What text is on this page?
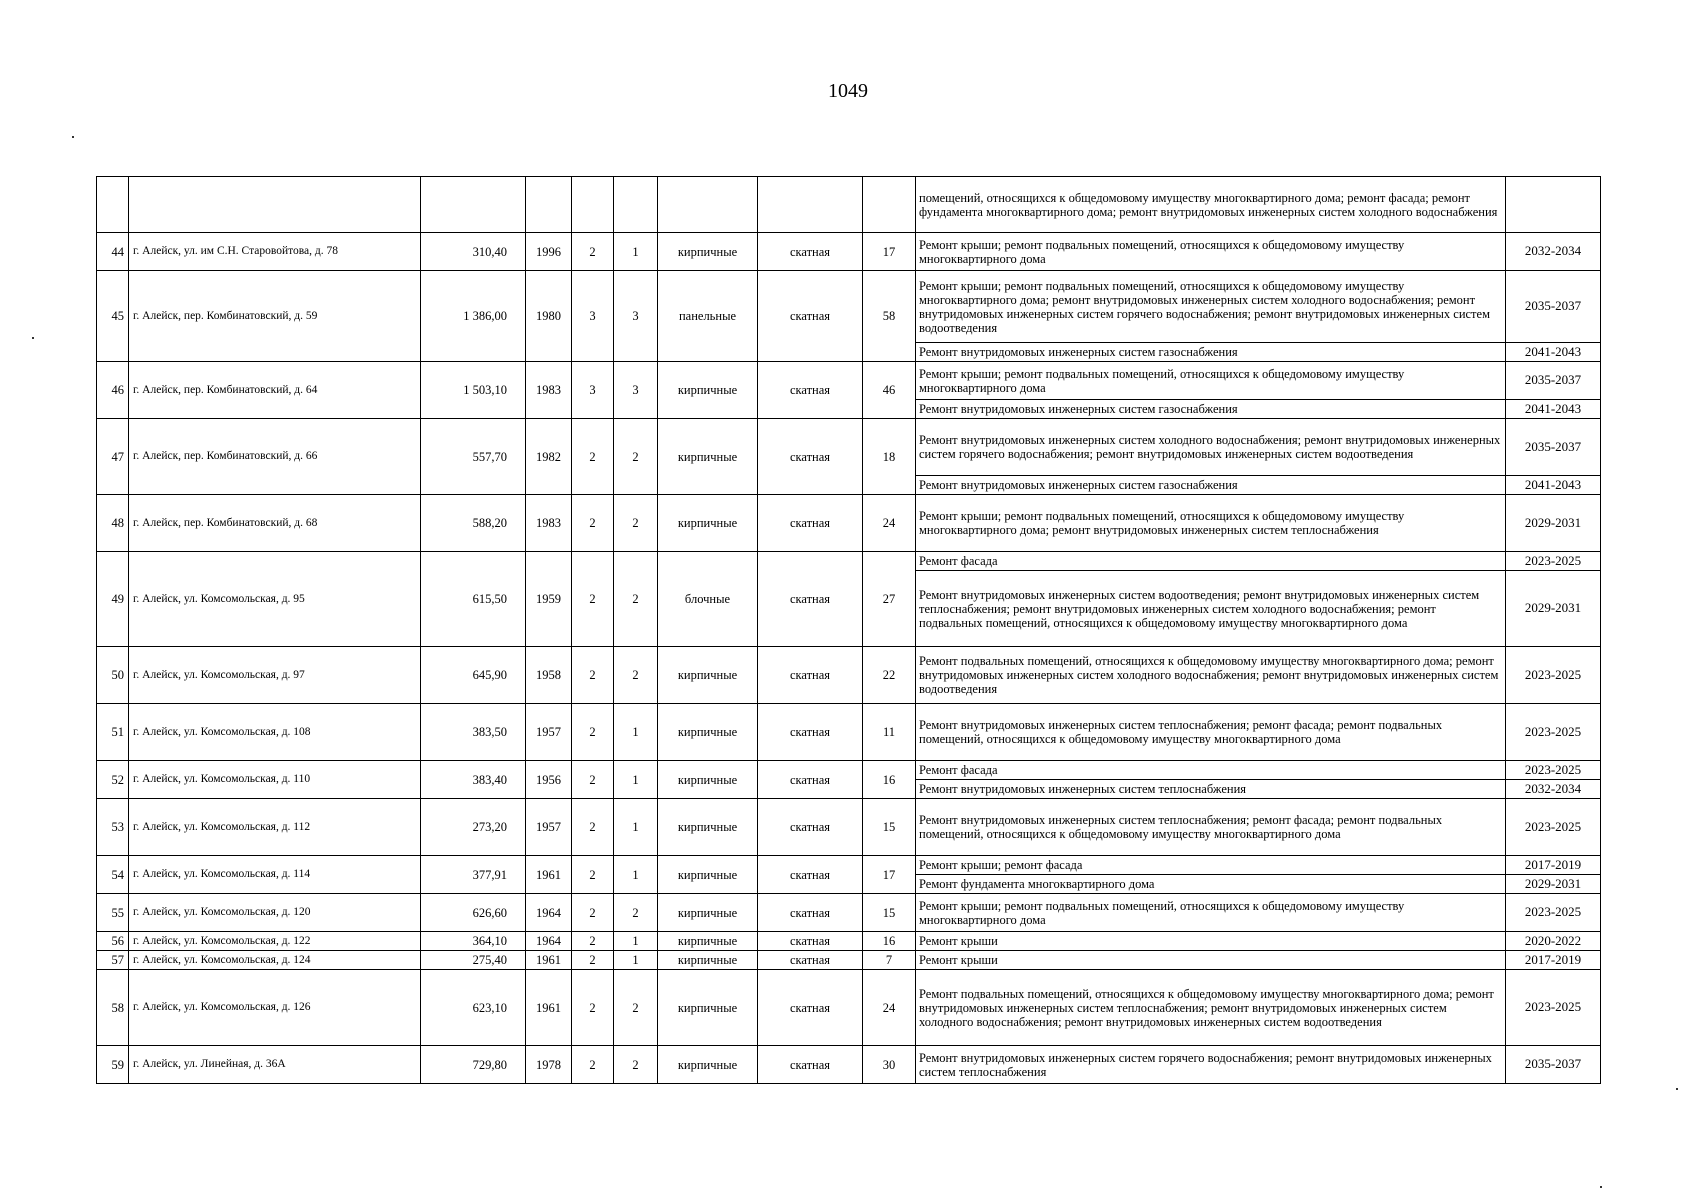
1049
									помещений, относящихся к общедомовому имуществу многоквартирного дома; ремонт фасада; ремонт фундамента многоквартирного дома; ремонт внутридомовых инженерных систем холодного водоснабжения	
44	г. Алейск, ул. им С.Н. Старовойтова, д. 78	310,40	1996	2	1	кирпичные	скатная	17	Ремонт крыши; ремонт подвальных помещений, относящихся к общедомовому имуществу многоквартирного дома	2032-2034
45	г. Алейск, пер. Комбинатовский, д. 59	1 386,00	1980	3	3	панельные	скатная	58	Ремонт крыши; ремонт подвальных помещений, относящихся к общедомовому имуществу многоквартирного дома; ремонт внутридомовых инженерных систем холодного водоснабжения; ремонт внутридомовых инженерных систем горячего водоснабжения; ремонт внутридомовых инженерных систем водоотведения	2035-2037
									Ремонт внутридомовых инженерных систем газоснабжения	2041-2043
46	г. Алейск, пер. Комбинатовский, д. 64	1 503,10	1983	3	3	кирпичные	скатная	46	Ремонт крыши; ремонт подвальных помещений, относящихся к общедомовому имуществу многоквартирного дома	2035-2037
									Ремонт внутридомовых инженерных систем газоснабжения	2041-2043
47	г. Алейск, пер. Комбинатовский, д. 66	557,70	1982	2	2	кирпичные	скатная	18	Ремонт внутридомовых инженерных систем холодного водоснабжения; ремонт внутридомовых инженерных систем горячего водоснабжения; ремонт внутридомовых инженерных систем водоотведения	2035-2037
									Ремонт внутридомовых инженерных систем газоснабжения	2041-2043
48	г. Алейск, пер. Комбинатовский, д. 68	588,20	1983	2	2	кирпичные	скатная	24	Ремонт крыши; ремонт подвальных помещений, относящихся к общедомовому имуществу многоквартирного дома; ремонт внутридомовых инженерных систем теплоснабжения	2029-2031
49	г. Алейск, ул. Комсомольская, д. 95	615,50	1959	2	2	блочные	скатная	27	Ремонт фасада	2023-2025
									Ремонт внутридомовых инженерных систем водоотведения; ремонт внутридомовых инженерных систем теплоснабжения; ремонт внутридомовых инженерных систем холодного водоснабжения; ремонт подвальных помещений, относящихся к общедомовому имуществу многоквартирного дома	2029-2031
50	г. Алейск, ул. Комсомольская, д. 97	645,90	1958	2	2	кирпичные	скатная	22	Ремонт подвальных помещений, относящихся к общедомовому имуществу многоквартирного дома; ремонт внутридомовых инженерных систем холодного водоснабжения; ремонт внутридомовых инженерных систем водоотведения	2023-2025
51	г. Алейск, ул. Комсомольская, д. 108	383,50	1957	2	1	кирпичные	скатная	11	Ремонт внутридомовых инженерных систем теплоснабжения; ремонт фасада; ремонт подвальных помещений, относящихся к общедомовому имуществу многоквартирного дома	2023-2025
52	г. Алейск, ул. Комсомольская, д. 110	383,40	1956	2	1	кирпичные	скатная	16	Ремонт фасада	2023-2025
									Ремонт внутридомовых инженерных систем теплоснабжения	2032-2034
53	г. Алейск, ул. Комсомольская, д. 112	273,20	1957	2	1	кирпичные	скатная	15	Ремонт внутридомовых инженерных систем теплоснабжения; ремонт фасада; ремонт подвальных помещений, относящихся к общедомовому имуществу многоквартирного дома	2023-2025
54	г. Алейск, ул. Комсомольская, д. 114	377,91	1961	2	1	кирпичные	скатная	17	Ремонт крыши; ремонт фасада	2017-2019
									Ремонт фундамента многоквартирного дома	2029-2031
55	г. Алейск, ул. Комсомольская, д. 120	626,60	1964	2	2	кирпичные	скатная	15	Ремонт крыши; ремонт подвальных помещений, относящихся к общедомовому имуществу многоквартирного дома	2023-2025
56	г. Алейск, ул. Комсомольская, д. 122	364,10	1964	2	1	кирпичные	скатная	16	Ремонт крыши	2020-2022
57	г. Алейск, ул. Комсомольская, д. 124	275,40	1961	2	1	кирпичные	скатная	7	Ремонт крыши	2017-2019
58	г. Алейск, ул. Комсомольская, д. 126	623,10	1961	2	2	кирпичные	скатная	24	Ремонт подвальных помещений, относящихся к общедомовому имуществу многоквартирного дома; ремонт внутридомовых инженерных систем теплоснабжения; ремонт внутридомовых инженерных систем холодного водоснабжения; ремонт внутридомовых инженерных систем водоотведения	2023-2025
59	г. Алейск, ул. Линейная, д. 36А	729,80	1978	2	2	кирпичные	скатная	30	Ремонт внутридомовых инженерных систем горячего водоснабжения; ремонт внутридомовых инженерных систем теплоснабжения	2035-2037
